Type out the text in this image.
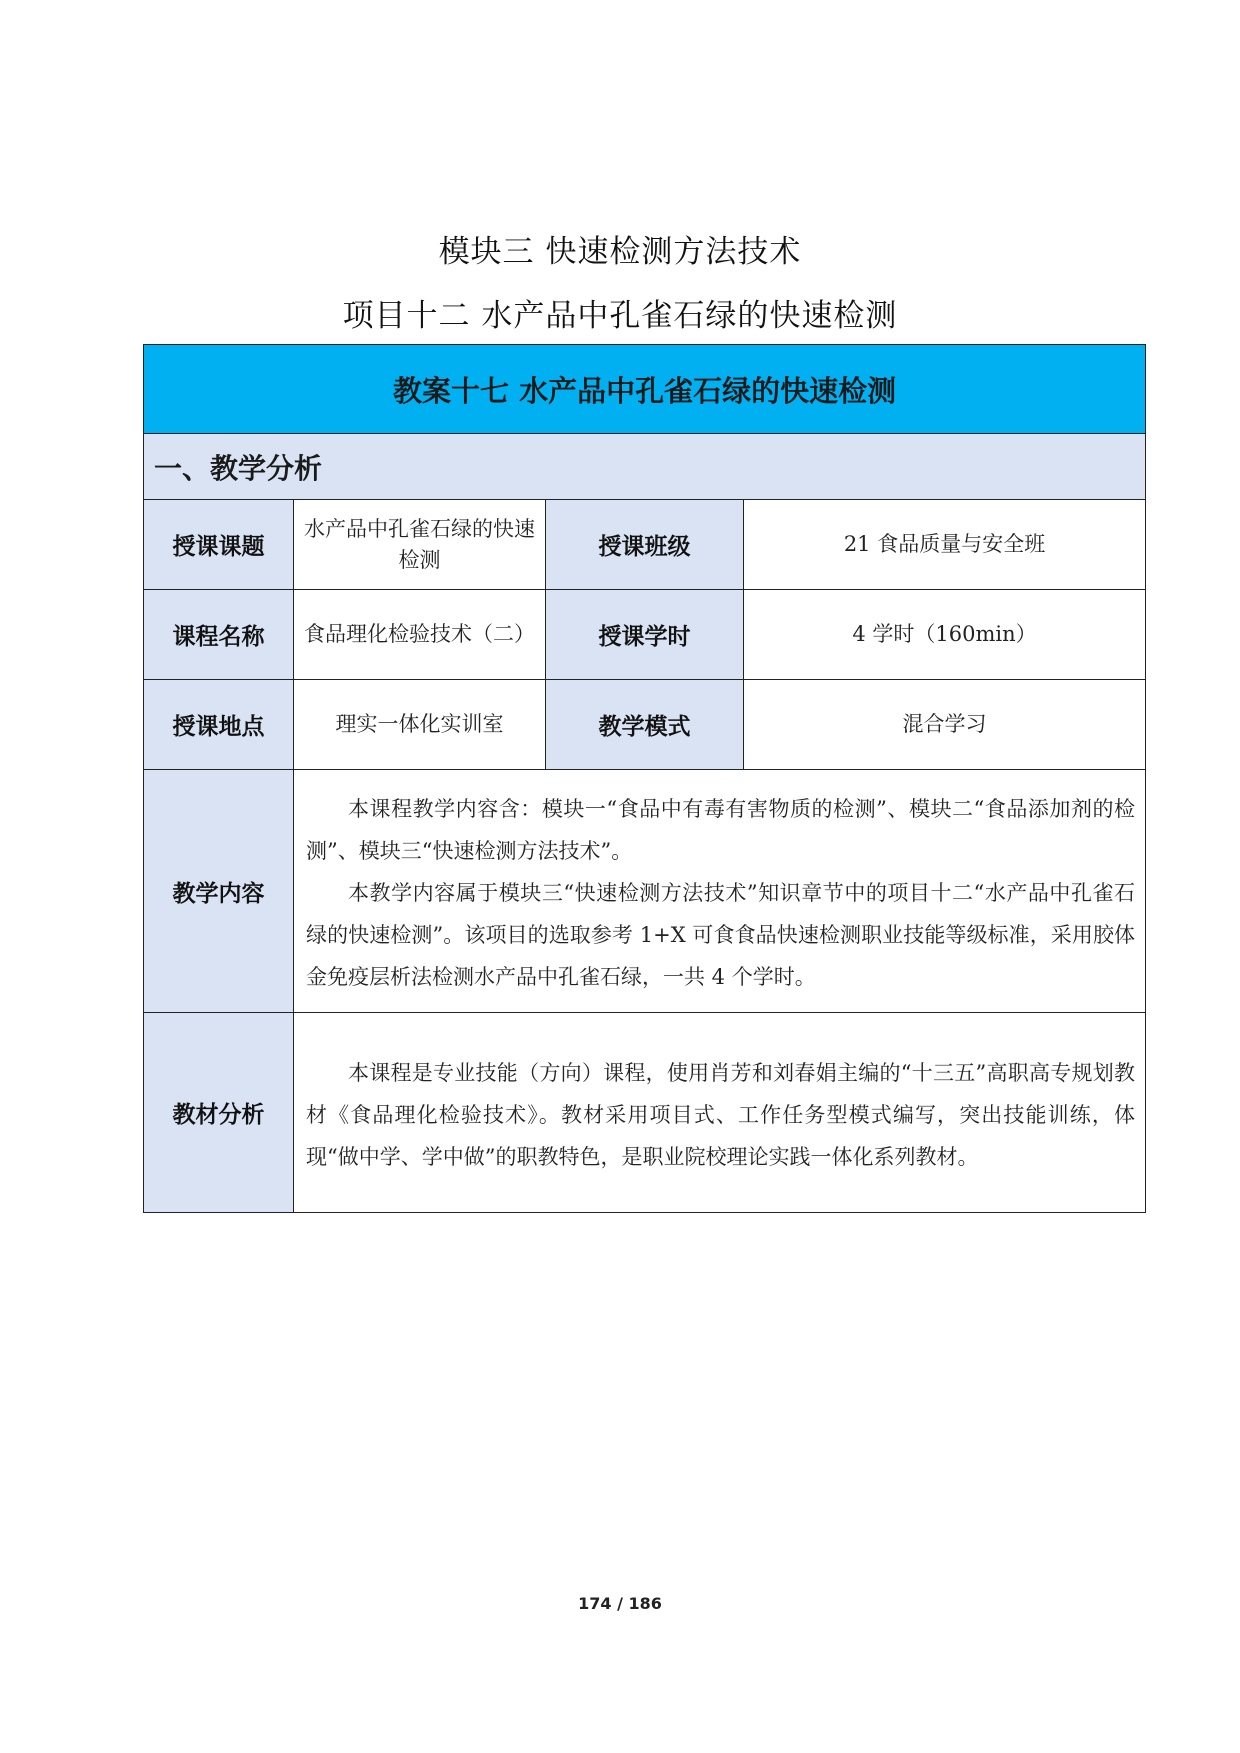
模块三 快速检测方法技术
项目十二 水产品中孔雀石绿的快速检测
教案十七 水产品中孔雀石绿的快速检测			
一、教学分析			
授课课题	水产品中孔雀石绿的快速检测	授课班级	21 食品质量与安全班
课程名称	食品理化检验技术（二）	授课学时	4 学时（160min）
授课地点	理实一体化实训室	教学模式	混合学习
教学内容	本课程教学内容含：模块一“食品中有毒有害物质的检测”、模块二“食品添加剂的检测”、模块三“快速检测方法技术”。

本教学内容属于模块三“快速检测方法技术”知识章节中的项目十二“水产品中孔雀石绿的快速检测”。该项目的选取参考 1+X 可食食品快速检测职业技能等级标准，采用胶体金免疫层析法检测水产品中孔雀石绿，一共 4 个学时。		

教材分析	本课程是专业技能（方向）课程，使用肖芳和刘春娟主编的“十三五”高职高专规划教材《食品理化检验技术》。教材采用项目式、工作任务型模式编写，突出技能训练，体现“做中学、学中做”的职教特色，是职业院校理论实践一体化系列教材。		

174 / 186
